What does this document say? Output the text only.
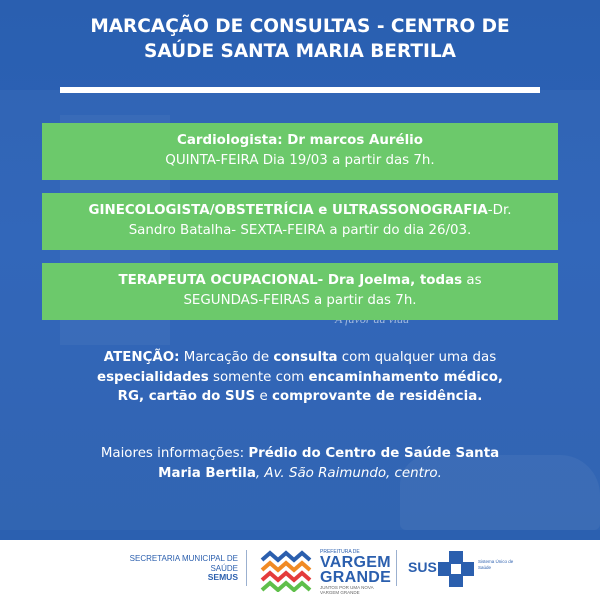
MARCAÇÃO DE CONSULTAS - CENTRO DE
SAÚDE SANTA MARIA BERTILA
Cardiologista: Dr marcos Aurélio
QUINTA-FEIRA Dia 19/03 a partir das 7h.
GINECOLOGISTA/OBSTETRÍCIA e ULTRASSONOGRAFIA-Dr.
Sandro Batalha- SEXTA-FEIRA a partir do dia 26/03.
TERAPEUTA OCUPACIONAL- Dra Joelma, todas as
SEGUNDAS-FEIRAS a partir das 7h.
ATENÇÃO: Marcação de consulta com qualquer uma das
especialidades somente com encaminhamento médico,
RG, cartão do SUS e comprovante de residência.
Maiores informações: Prédio do Centro de Saúde Santa
Maria Bertila, Av. São Raimundo, centro.
SECRETARIA MUNICIPAL DE
SAÚDE
SEMUS
PREFEITURA DE
VARGEM
GRANDE
JUNTOS POR UMA NOVA VARGEM GRANDE
SUS	Sistema Único de Saúde
